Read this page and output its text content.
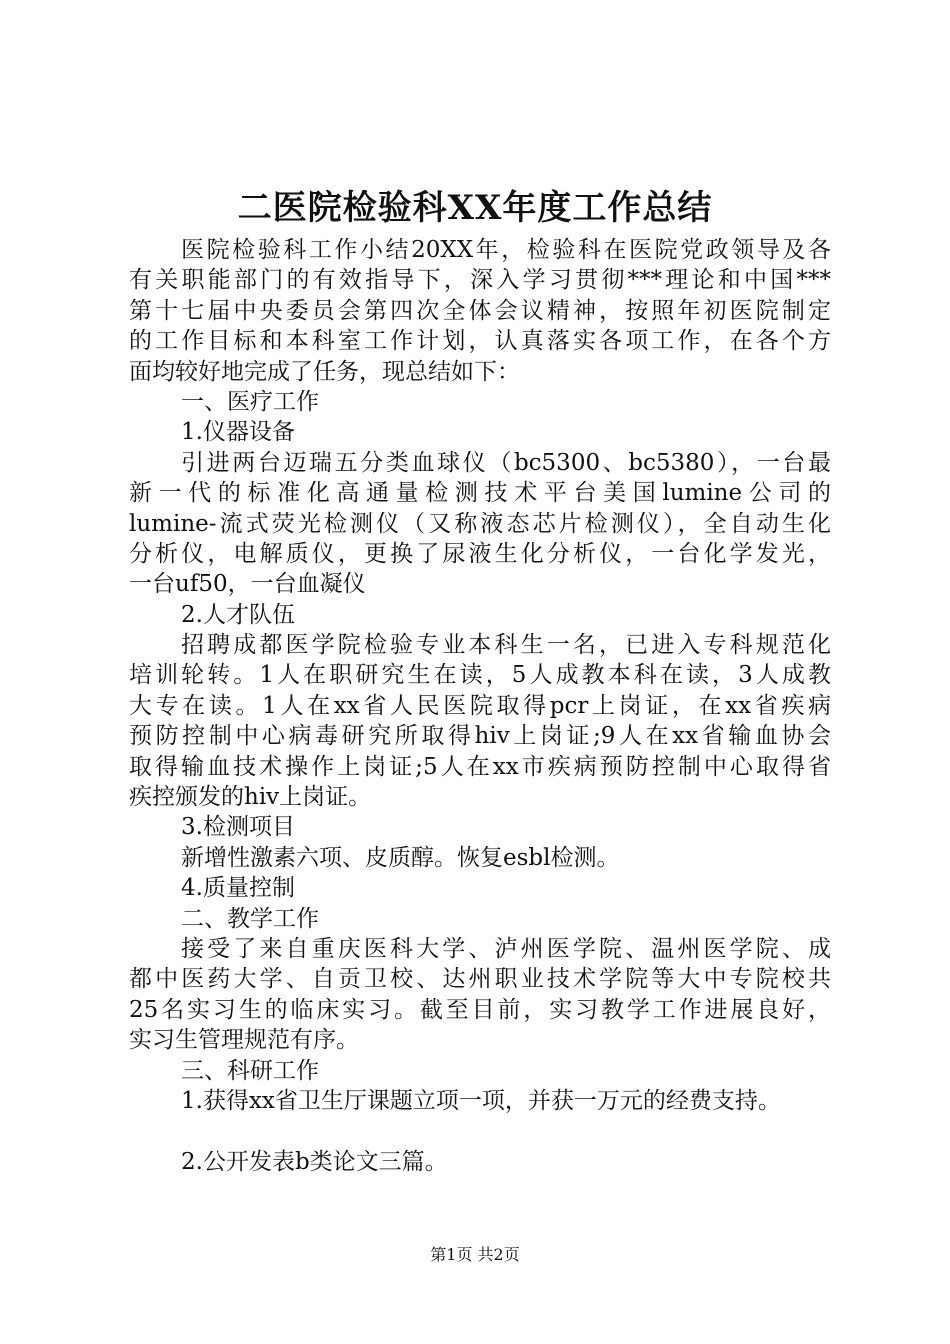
二医院检验科XX年度工作总结
医院检验科工作小结20XX年，检验科在医院党政领导及各
有关职能部门的有效指导下，深入学习贯彻***理论和中国***
第十七届中央委员会第四次全体会议精神，按照年初医院制定
的工作目标和本科室工作计划，认真落实各项工作，在各个方
面均较好地完成了任务，现总结如下：
一、医疗工作
1.仪器设备
引进两台迈瑞五分类血球仪（bc5300、bc5380），一台最
新一代的标准化高通量检测技术平台美国lumine公司的
lumine-流式荧光检测仪（又称液态芯片检测仪），全自动生化
分析仪，电解质仪，更换了尿液生化分析仪，一台化学发光，
一台uf50，一台血凝仪
2.人才队伍
招聘成都医学院检验专业本科生一名，已进入专科规范化
培训轮转。1人在职研究生在读，5人成教本科在读，3人成教
大专在读。1人在xx省人民医院取得pcr上岗证，在xx省疾病
预防控制中心病毒研究所取得hiv上岗证;9人在xx省输血协会
取得输血技术操作上岗证;5人在xx市疾病预防控制中心取得省
疾控颁发的hiv上岗证。
3.检测项目
新增性激素六项、皮质醇。恢复esbl检测。
4.质量控制
二、教学工作
接受了来自重庆医科大学、泸州医学院、温州医学院、成
都中医药大学、自贡卫校、达州职业技术学院等大中专院校共
25名实习生的临床实习。截至目前，实习教学工作进展良好，
实习生管理规范有序。
三、科研工作
1.获得xx省卫生厅课题立项一项，并获一万元的经费支持。
2.公开发表b类论文三篇。
第1页 共2页
